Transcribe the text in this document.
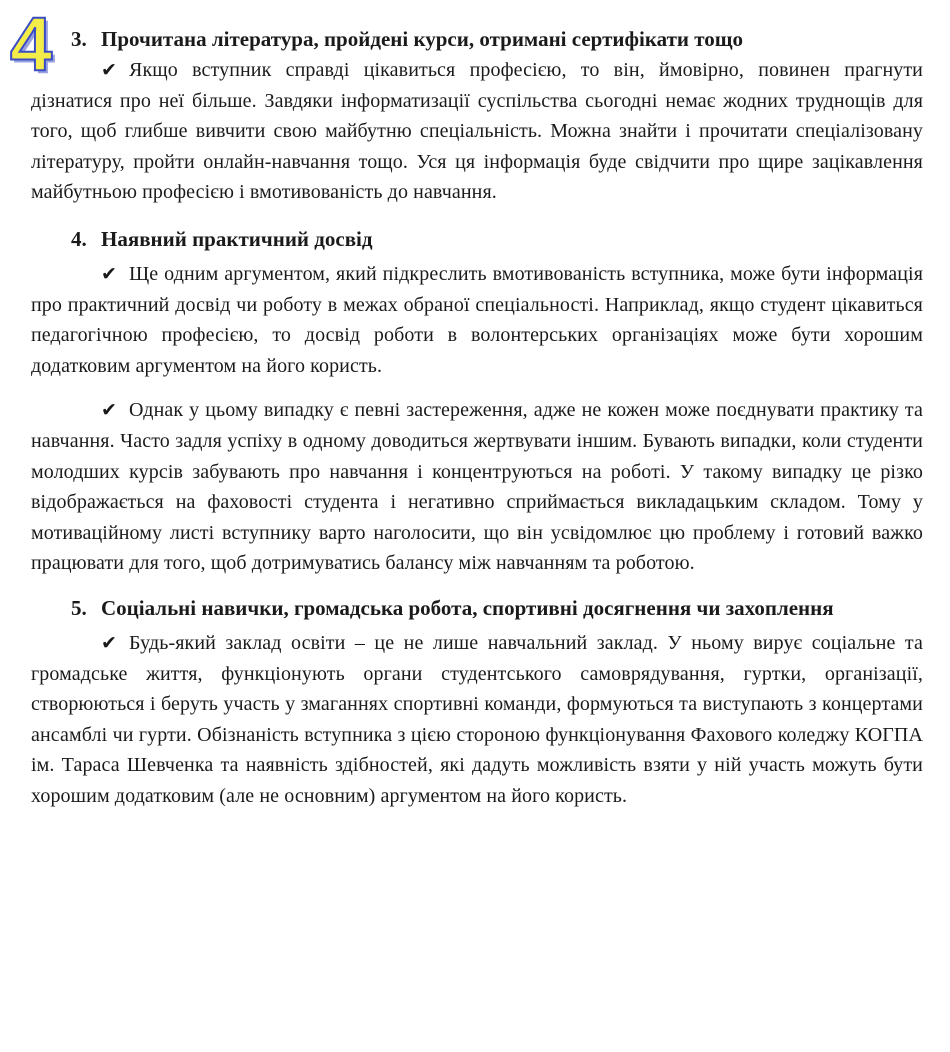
4 3. Прочитана література, пройдені курси, отримані сертифікати тощо

✔ Якщо вступник справді цікавиться професією, то він, ймовірно, повинен прагнути дізнатися про неї більше. Завдяки інформатизації суспільства сьогодні немає жодних труднощів для того, щоб глибше вивчити свою майбутню спеціальність. Можна знайти і прочитати спеціалізовану літературу, пройти онлайн-навчання тощо. Уся ця інформація буде свідчити про щире зацікавлення майбутньою професією і вмотивованість до навчання.

4. Наявний практичний досвід

✔ Ще одним аргументом, який підкреслить вмотивованість вступника, може бути інформація про практичний досвід чи роботу в межах обраної спеціальності. Наприклад, якщо студент цікавиться педагогічною професією, то досвід роботи в волонтерських організаціях може бути хорошим додатковим аргументом на його користь.

✔ Однак у цьому випадку є певні застереження, адже не кожен може поєднувати практику та навчання. Часто задля успіху в одному доводиться жертвувати іншим. Бувають випадки, коли студенти молодших курсів забувають про навчання і концентруються на роботі. У такому випадку це різко відображається на фаховості студента і негативно сприймається викладацьким складом. Тому у мотиваційному листі вступнику варто наголосити, що він усвідомлює цю проблему і готовий важко працювати для того, щоб дотримуватись балансу між навчанням та роботою.

5. Соціальні навички, громадська робота, спортивні досягнення чи захоплення

✔ Будь-який заклад освіти – це не лише навчальний заклад. У ньому вирує соціальне та громадське життя, функціонують органи студентського самоврядування, гуртки, організації, створюються і беруть участь у змаганнях спортивні команди, формуються та виступають з концертами ансамблі чи гурти. Обізнаність вступника з цією стороною функціонування Фахового коледжу КОГПА ім. Тараса Шевченка та наявність здібностей, які дадуть можливість взяти у ній участь можуть бути хорошим додатковим (але не основним) аргументом на його користь.
